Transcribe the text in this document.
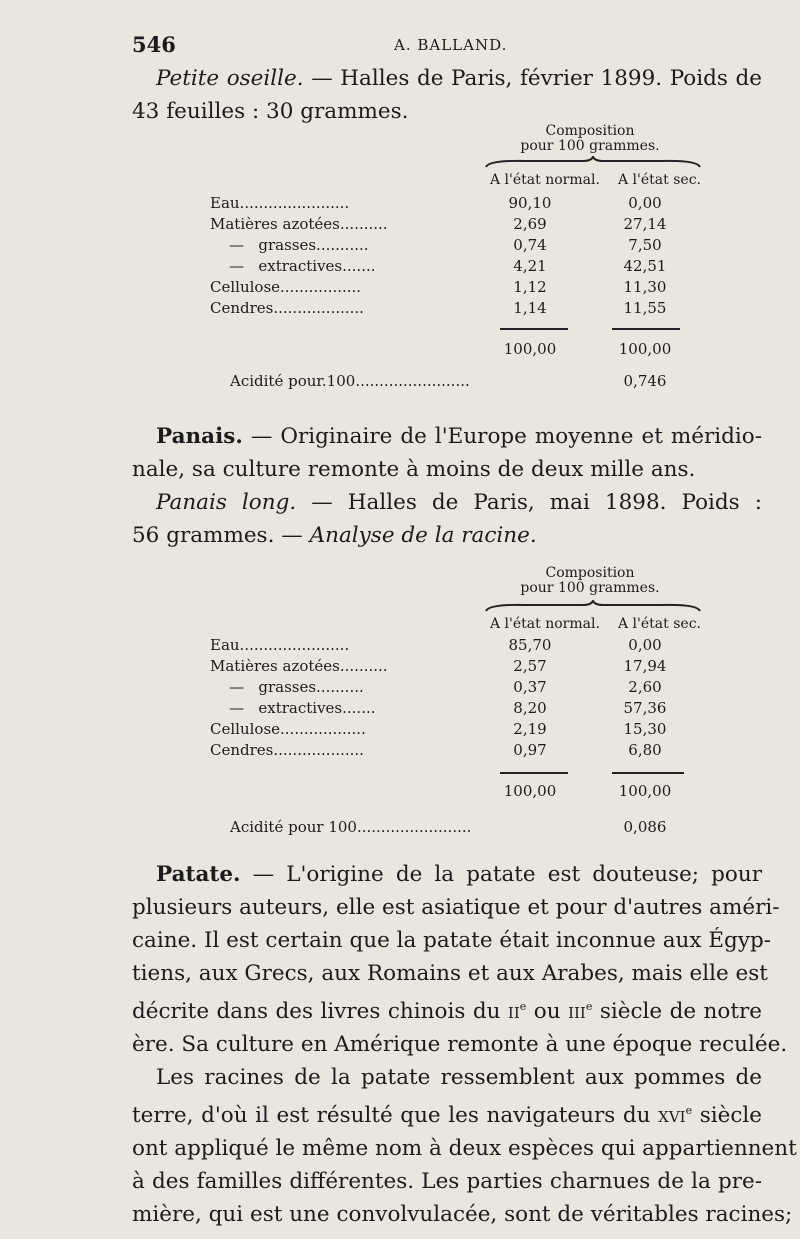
546	A. BALLAND.
Petite oseille. — Halles de Paris, février 1899. Poids de
43 feuilles : 30 grammes.
Composition
pour 100 grammes.
A l'état normal. A l'état sec.
Eau.......................	90,10	0,00
Matières azotées..........	2,69	27,14
—   grasses...........	0,74	7,50
—   extractives.......	4,21	42,51
Cellulose.................	1,12	11,30
Cendres...................	1,14	11,55
100,00	100,00
Acidité pour.100........................	0,746
Panais. — Originaire de l'Europe moyenne et méridio-
nale, sa culture remonte à moins de deux mille ans.
Panais long. — Halles de Paris, mai 1898. Poids :
56 grammes. — Analyse de la racine.
Composition
pour 100 grammes.
A l'état normal. A l'état sec.
Eau.......................	85,70	0,00
Matières azotées..........	2,57	17,94
—   grasses..........	0,37	2,60
—   extractives.......	8,20	57,36
Cellulose..................	2,19	15,30
Cendres...................	0,97	6,80
100,00	100,00
Acidité pour 100........................	0,086
Patate. — L'origine de la patate est douteuse; pour
plusieurs auteurs, elle est asiatique et pour d'autres améri-
caine. Il est certain que la patate était inconnue aux Égyp-
tiens, aux Grecs, aux Romains et aux Arabes, mais elle est
décrite dans des livres chinois du $ii^e$ ou iii$^e$ siècle de notre
ère. Sa culture en Amérique remonte à une époque reculée.
Les racines de la patate ressemblent aux pommes de
terre, d'où il est résulté que les navigateurs du xvi$^e$ siècle
ont appliqué le même nom à deux espèces qui appartiennent
à des familles différentes. Les parties charnues de la pre-
mière, qui est une convolvulacée, sont de véritables racines;
